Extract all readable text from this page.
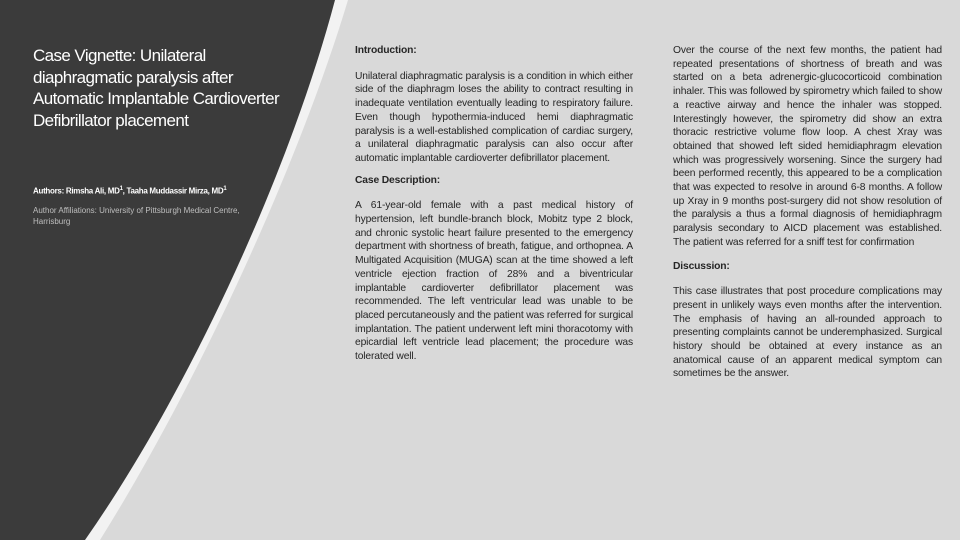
Case Vignette: Unilateral diaphragmatic paralysis after Automatic Implantable Cardioverter Defibrillator placement
Authors: Rimsha Ali, $MD^1$, Taaha Muddassir Mirza, $MD^1$
Author Affiliations: University of Pittsburgh Medical Centre, Harrisburg
Introduction:

Unilateral diaphragmatic paralysis is a condition in which either side of the diaphragm loses the ability to contract resulting in inadequate ventilation eventually leading to respiratory failure. Even though hypothermia-induced hemi diaphragmatic paralysis is a well-established complication of cardiac surgery, a unilateral diaphragmatic paralysis can also occur after automatic implantable cardioverter defibrillator placement.

Case Description:

A 61-year-old female with a past medical history of hypertension, left bundle-branch block, Mobitz type 2 block, and chronic systolic heart failure presented to the emergency department with shortness of breath, fatigue, and orthopnea. A Multigated Acquisition (MUGA) scan at the time showed a left ventricle ejection fraction of 28% and a biventricular implantable cardioverter defibrillator placement was recommended. The left ventricular lead was unable to be placed percutaneously and the patient was referred for surgical implantation. The patient underwent left mini thoracotomy with epicardial left ventricle lead placement; the procedure was tolerated well.

Over the course of the next few months, the patient had repeated presentations of shortness of breath and was started on a beta adrenergic-glucocorticoid combination inhaler. This was followed by spirometry which failed to show a reactive airway and hence the inhaler was stopped. Interestingly however, the spirometry did show an extra thoracic restrictive volume flow loop. A chest Xray was obtained that showed left sided hemidiaphragm elevation which was progressively worsening. Since the surgery had been performed recently, this appeared to be a complication that was expected to resolve in around 6-8 months. A follow up Xray in 9 months post-surgery did not show resolution of the paralysis a thus a formal diagnosis of hemidiaphragm paralysis secondary to AICD placement was established. The patient was referred for a sniff test for confirmation

Discussion:

This case illustrates that post procedure complications may present in unlikely ways even months after the intervention. The emphasis of having an all-rounded approach to presenting complaints cannot be underemphasized. Surgical history should be obtained at every instance as an anatomical cause of an apparent medical symptom can sometimes be the answer.
